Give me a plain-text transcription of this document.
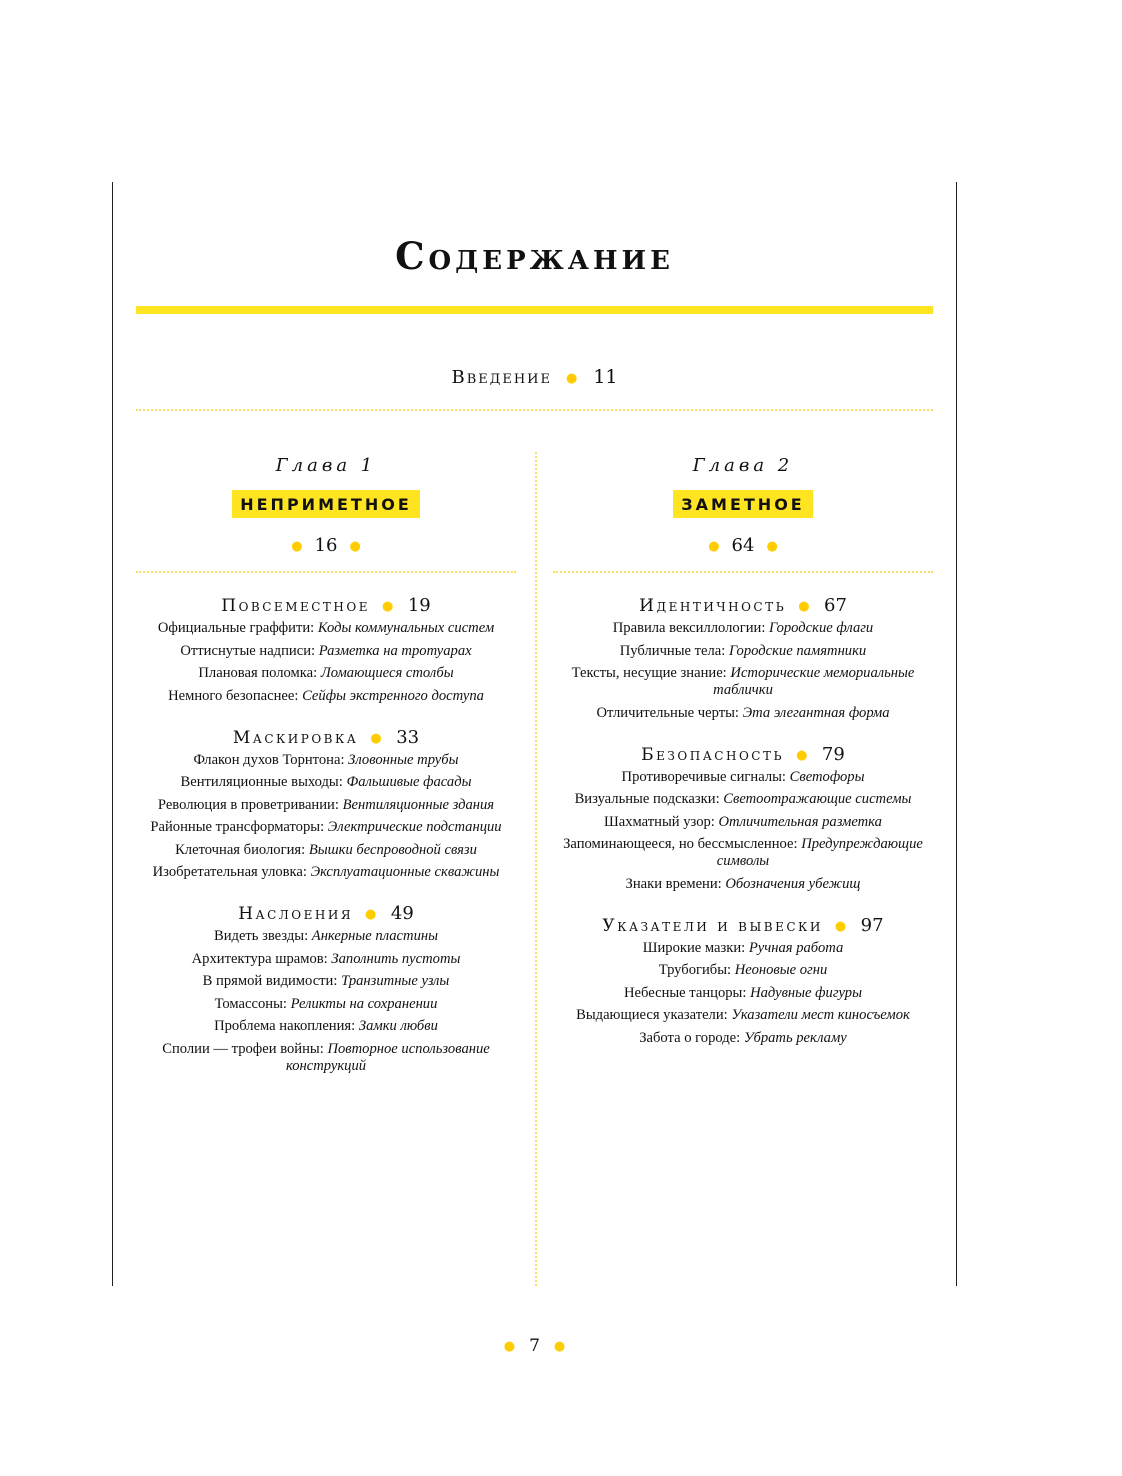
Содержание
Введение ● 11
Глава 1
НЕПРИМЕТНОЕ
● 16 ●
Повсеместное ● 19
Официальные граффити: Коды коммунальных систем
Оттиснутые надписи: Разметка на тротуарах
Плановая поломка: Ломающиеся столбы
Немного безопаснее: Сейфы экстренного доступа
Маскировка ● 33
Флакон духов Торнтона: Зловонные трубы
Вентиляционные выходы: Фальшивые фасады
Революция в проветривании: Вентиляционные здания
Районные трансформаторы: Электрические подстанции
Клеточная биология: Вышки беспроводной связи
Изобретательная уловка: Эксплуатационные скважины
Наслоения ● 49
Видеть звезды: Анкерные пластины
Архитектура шрамов: Заполнить пустоты
В прямой видимости: Транзитные узлы
Томассоны: Реликты на сохранении
Проблема накопления: Замки любви
Сполии — трофеи войны: Повторное использование конструкций
Глава 2
ЗАМЕТНОЕ
● 64 ●
Идентичность ● 67
Правила вексиллологии: Городские флаги
Публичные тела: Городские памятники
Тексты, несущие знание: Исторические мемориальные таблички
Отличительные черты: Эта элегантная форма
Безопасность ● 79
Противоречивые сигналы: Светофоры
Визуальные подсказки: Светоотражающие системы
Шахматный узор: Отличительная разметка
Запоминающееся, но бессмысленное: Предупреждающие символы
Знаки времени: Обозначения убежищ
Указатели и вывески ● 97
Широкие мазки: Ручная работа
Трубогибы: Неоновые огни
Небесные танцоры: Надувные фигуры
Выдающиеся указатели: Указатели мест киносъемок
Забота о городе: Убрать рекламу
● 7 ●
